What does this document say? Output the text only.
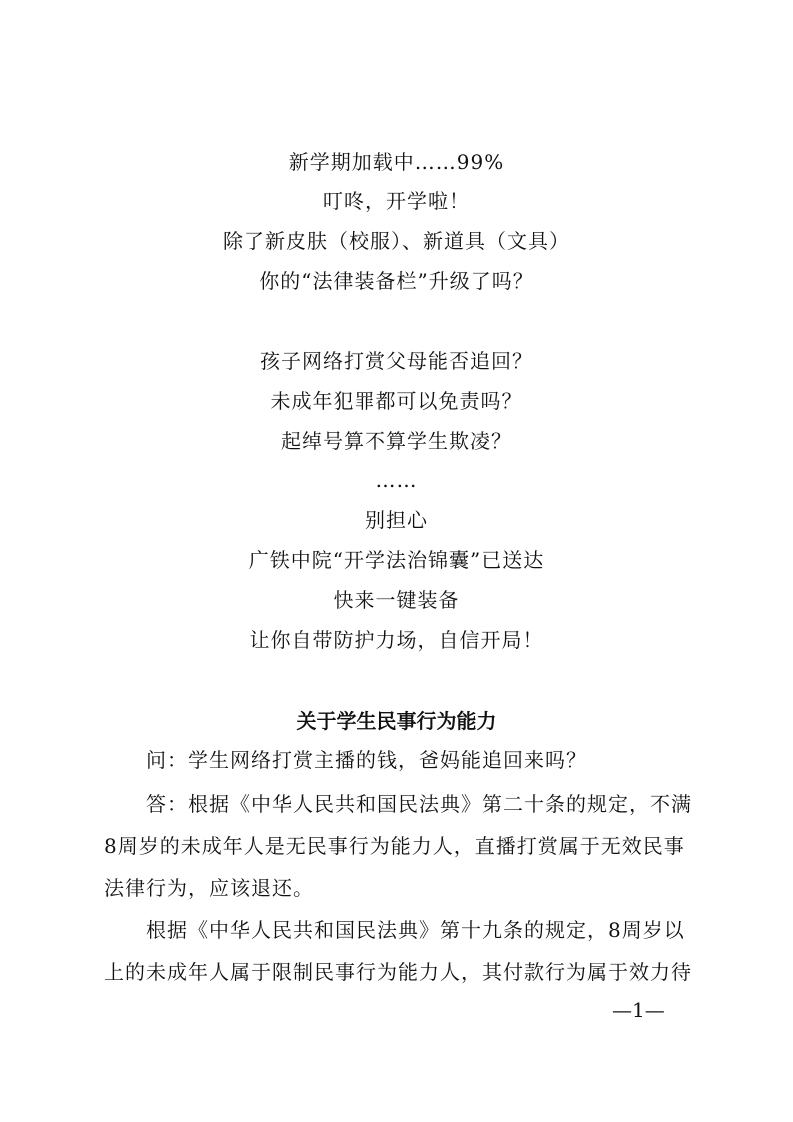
新学期加载中……99%
叮咚，开学啦！
除了新皮肤（校服）、新道具（文具）
你的“法律装备栏”升级了吗？
孩子网络打赏父母能否追回？
未成年犯罪都可以免责吗？
起绰号算不算学生欺凌？
……
别担心
广铁中院“开学法治锦囊”已送达
快来一键装备
让你自带防护力场，自信开局！
关于学生民事行为能力
问：学生网络打赏主播的钱，爸妈能追回来吗？
答：根据《中华人民共和国民法典》第二十条的规定，不满
8周岁的未成年人是无民事行为能力人，直播打赏属于无效民事
法律行为，应该退还。
根据《中华人民共和国民法典》第十九条的规定，8周岁以
上的未成年人属于限制民事行为能力人，其付款行为属于效力待
—1—
